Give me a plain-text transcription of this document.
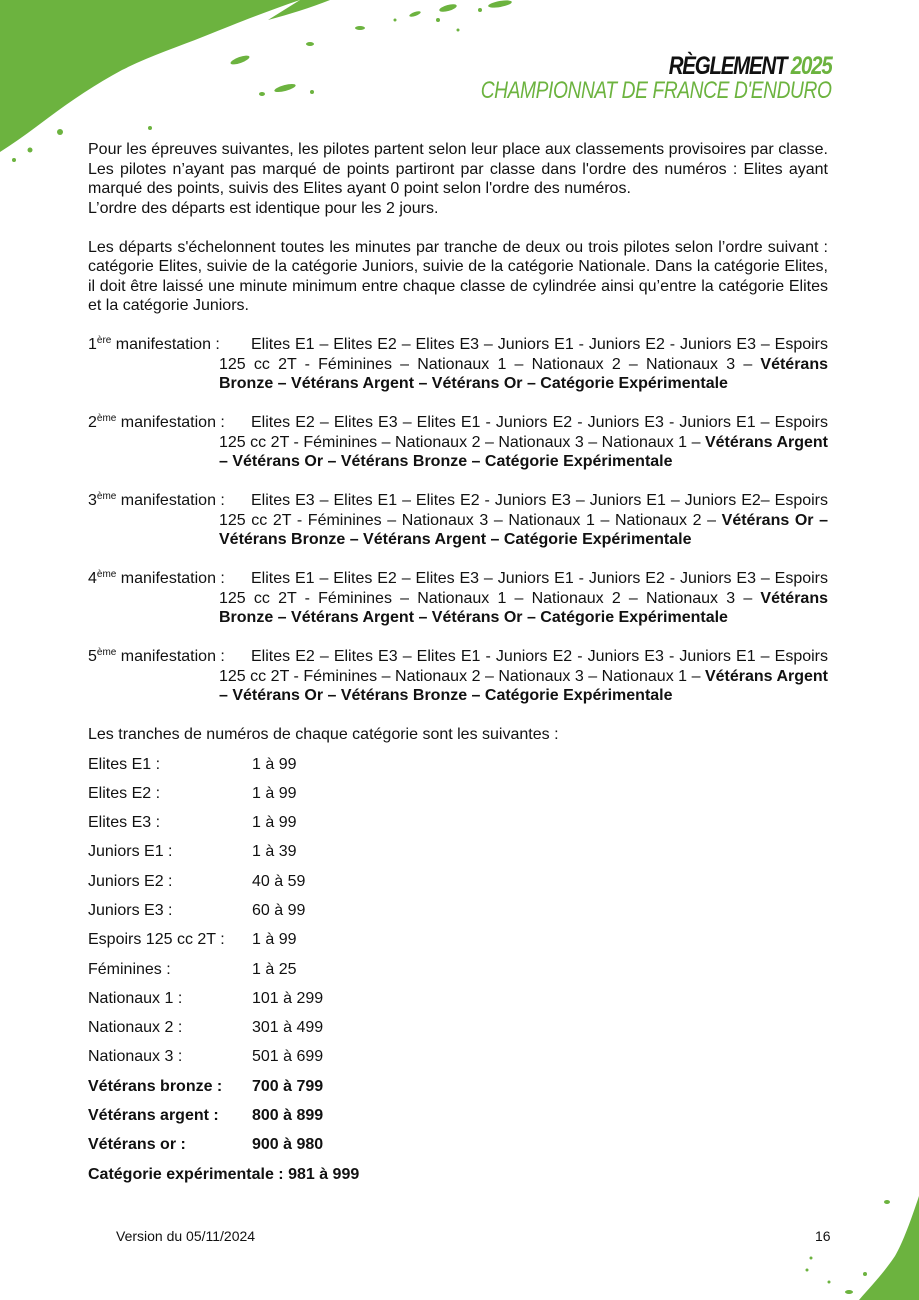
RÈGLEMENT 2025
CHAMPIONNAT DE FRANCE D'ENDURO

Pour les épreuves suivantes, les pilotes partent selon leur place aux classements provisoires par classe. Les pilotes n’ayant pas marqué de points partiront par classe dans l'ordre des numéros : Elites ayant marqué des points, suivis des Elites ayant 0 point selon l'ordre des numéros.

L’ordre des départs est identique pour les 2 jours.

Les départs s'échelonnent toutes les minutes par tranche de deux ou trois pilotes selon l’ordre suivant : catégorie Elites, suivie de la catégorie Juniors, suivie de la catégorie Nationale. Dans la catégorie Elites, il doit être laissé une minute minimum entre chaque classe de cylindrée ainsi qu’entre la catégorie Elites et la catégorie Juniors.

1ère manifestation :	Elites E1 – Elites E2 – Elites E3 – Juniors E1 - Juniors E2 - Juniors E3 – Espoirs 125 cc 2T - Féminines – Nationaux 1 – Nationaux 2 – Nationaux 3 – Vétérans Bronze – Vétérans Argent – Vétérans Or – Catégorie Expérimentale
2ème manifestation :	Elites E2 – Elites E3 – Elites E1 - Juniors E2 - Juniors E3 - Juniors E1 – Espoirs 125 cc 2T - Féminines – Nationaux 2 – Nationaux 3 – Nationaux 1 – Vétérans Argent – Vétérans Or – Vétérans Bronze – Catégorie Expérimentale
3ème manifestation :	Elites E3 – Elites E1 – Elites E2 - Juniors E3 – Juniors E1 – Juniors E2– Espoirs 125 cc 2T - Féminines – Nationaux 3 – Nationaux 1 – Nationaux 2 – Vétérans Or – Vétérans Bronze – Vétérans Argent – Catégorie Expérimentale
4ème manifestation :	Elites E1 – Elites E2 – Elites E3 – Juniors E1 - Juniors E2 - Juniors E3 – Espoirs 125 cc 2T - Féminines – Nationaux 1 – Nationaux 2 – Nationaux 3 – Vétérans Bronze – Vétérans Argent – Vétérans Or – Catégorie Expérimentale
5ème manifestation :	Elites E2 – Elites E3 – Elites E1 - Juniors E2 - Juniors E3 - Juniors E1 – Espoirs 125 cc 2T - Féminines – Nationaux 2 – Nationaux 3 – Nationaux 1 – Vétérans Argent – Vétérans Or – Vétérans Bronze – Catégorie Expérimentale

Les tranches de numéros de chaque catégorie sont les suivantes :

Elites E1 :	1 à 99
Elites E2 :	1 à 99
Elites E3 :	1 à 99
Juniors E1 :	1 à 39
Juniors E2 :	40 à 59
Juniors E3 :	60 à 99
Espoirs 125 cc 2T :	1 à 99
Féminines :	1 à 25
Nationaux 1 :	101 à 299
Nationaux 2 :	301 à 499
Nationaux 3 :	501 à 699
Vétérans bronze :	700 à 799
Vétérans argent :	800 à 899
Vétérans or :	900 à 980
Catégorie expérimentale : 981 à 999
Version du 05/11/2024	16
